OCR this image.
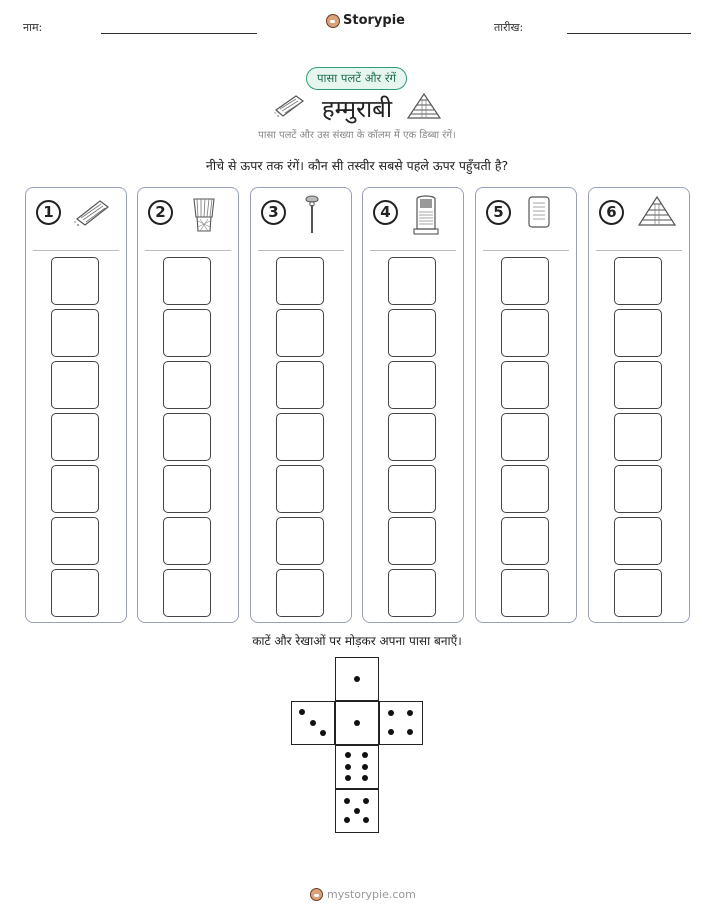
नाम:	Storypie	तारीख:
पासा पलटें और रंगें
हम्मुराबी
पासा पलटें और उस संख्या के कॉलम में एक डिब्बा रंगें।
नीचे से ऊपर तक रंगें। कौन सी तस्वीर सबसे पहले ऊपर पहुँचती है?
1	2	3	4	5	6
काटें और रेखाओं पर मोड़कर अपना पासा बनाएँ।
mystorypie.com
